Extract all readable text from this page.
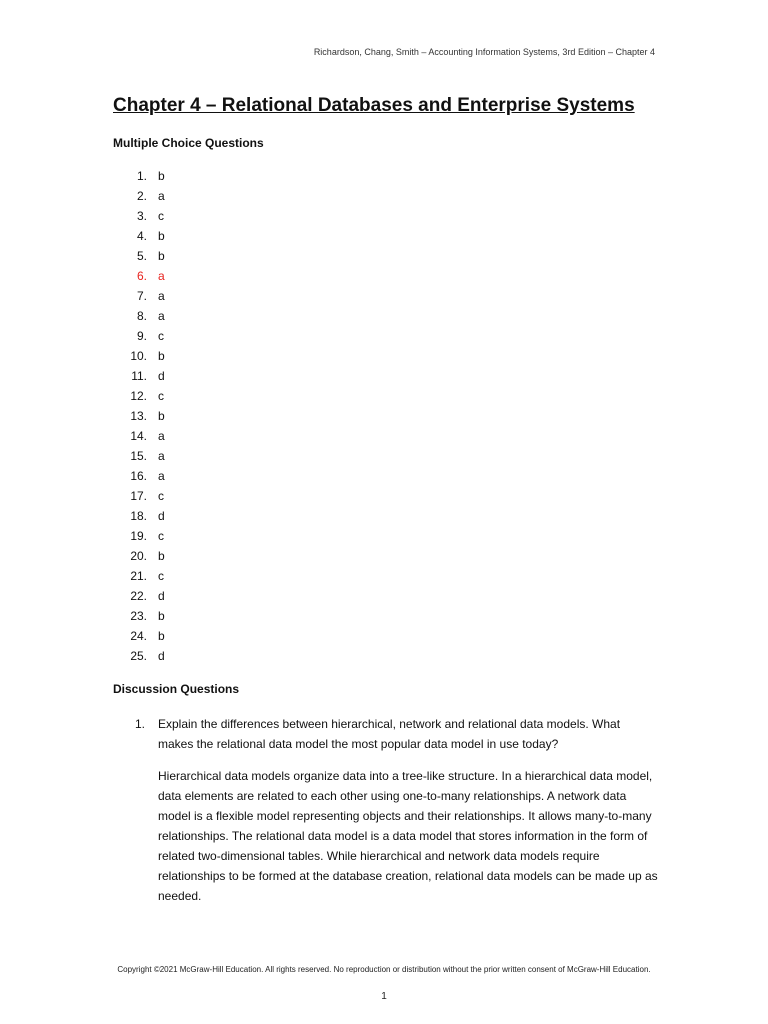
Richardson, Chang, Smith – Accounting Information Systems, 3rd Edition – Chapter 4
Chapter 4 – Relational Databases and Enterprise Systems
Multiple Choice Questions
1. b
2. a
3. c
4. b
5. b
6. a
7. a
8. a
9. c
10. b
11. d
12. c
13. b
14. a
15. a
16. a
17. c
18. d
19. c
20. b
21. c
22. d
23. b
24. b
25. d
Discussion Questions
1. Explain the differences between hierarchical, network and relational data models. What makes the relational data model the most popular data model in use today?
Hierarchical data models organize data into a tree-like structure. In a hierarchical data model, data elements are related to each other using one-to-many relationships. A network data model is a flexible model representing objects and their relationships. It allows many-to-many relationships. The relational data model is a data model that stores information in the form of related two-dimensional tables. While hierarchical and network data models require relationships to be formed at the database creation, relational data models can be made up as needed.
Copyright ©2021 McGraw-Hill Education. All rights reserved. No reproduction or distribution without the prior written consent of McGraw-Hill Education.
1
